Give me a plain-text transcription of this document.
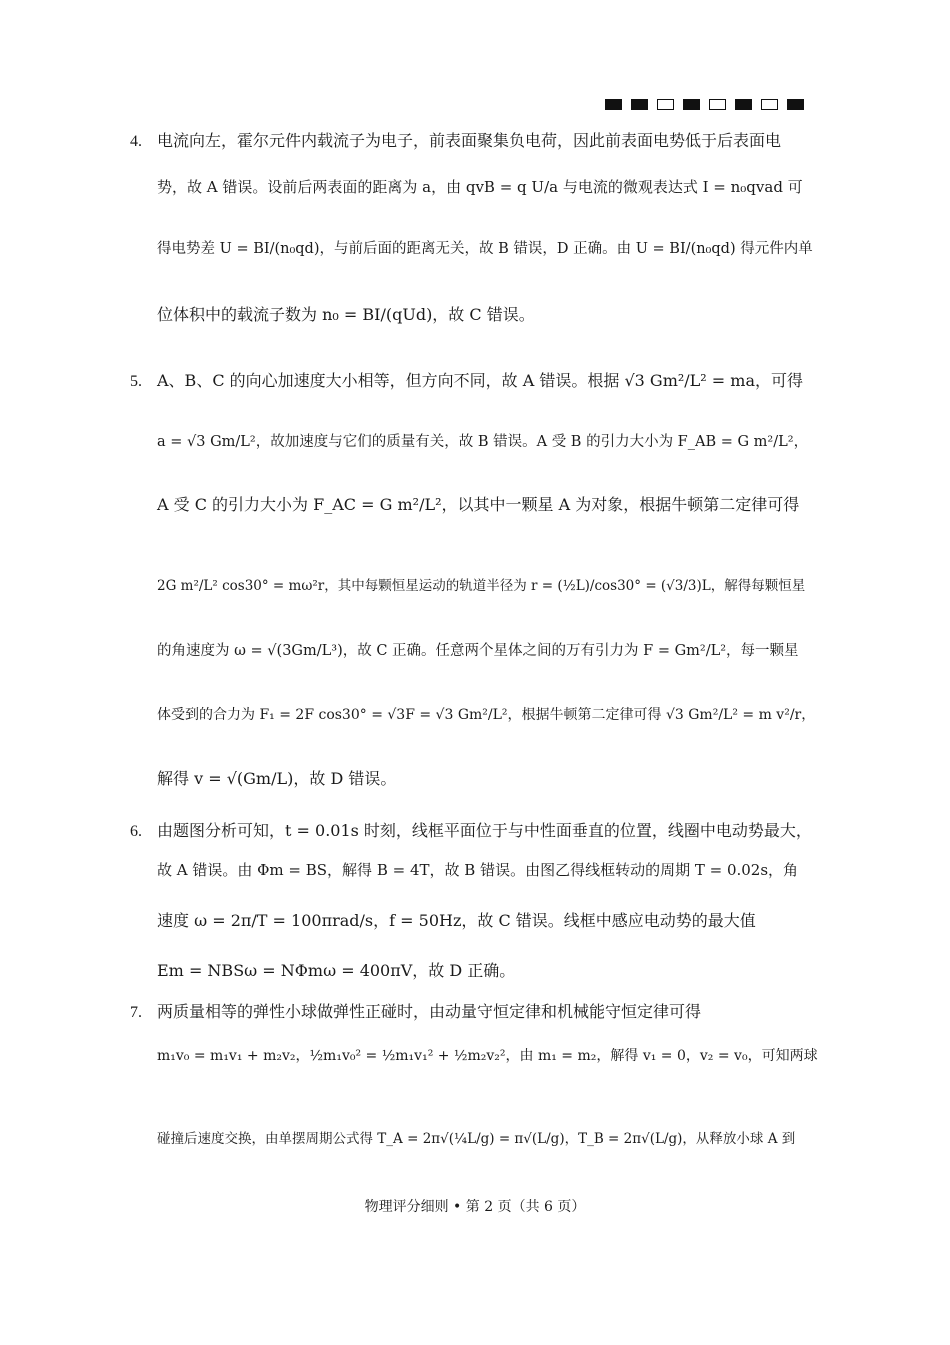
4. 电流向左，霍尔元件内载流子为电子，前表面聚集负电荷，因此前表面电势低于后表面电
势，故 A 错误。设前后两表面的距离为 a，由 qvB = q U/a 与电流的微观表达式 I = n₀qvad 可
得电势差 U = BI/(n₀qd)，与前后面的距离无关，故 B 错误，D 正确。由 U = BI/(n₀qd) 得元件内单
位体积中的载流子数为 n₀ = BI/(qUd)，故 C 错误。
5. A、B、C 的向心加速度大小相等，但方向不同，故 A 错误。根据 √3 Gm²/L² = ma，可得
a = √3 Gm/L²，故加速度与它们的质量有关，故 B 错误。A 受 B 的引力大小为 F_AB = G m²/L²，
A 受 C 的引力大小为 F_AC = G m²/L²，以其中一颗星 A 为对象，根据牛顿第二定律可得
2G m²/L² cos30° = mω²r，其中每颗恒星运动的轨道半径为 r = (½L)/cos30° = (√3/3)L，解得每颗恒星
的角速度为 ω = √(3Gm/L³)，故 C 正确。任意两个星体之间的万有引力为 F = Gm²/L²，每一颗星
体受到的合力为 F₁ = 2F cos30° = √3F = √3 Gm²/L²，根据牛顿第二定律可得 √3 Gm²/L² = m v²/r，
解得 v = √(Gm/L)，故 D 错误。
6. 由题图分析可知，t = 0.01s 时刻，线框平面位于与中性面垂直的位置，线圈中电动势最大，
故 A 错误。由 Φm = BS，解得 B = 4T，故 B 错误。由图乙得线框转动的周期 T = 0.02s，角
速度 ω = 2π/T = 100πrad/s，f = 50Hz，故 C 错误。线框中感应电动势的最大值
Em = NBSω = NΦmω = 400πV，故 D 正确。
7. 两质量相等的弹性小球做弹性正碰时，由动量守恒定律和机械能守恒定律可得
m₁v₀ = m₁v₁ + m₂v₂，½m₁v₀² = ½m₁v₁² + ½m₂v₂²，由 m₁ = m₂，解得 v₁ = 0，v₂ = v₀，可知两球
碰撞后速度交换，由单摆周期公式得 T_A = 2π√(¼L/g) = π√(L/g)，T_B = 2π√(L/g)，从释放小球 A 到
物理评分细则 • 第 2 页（共 6 页）
